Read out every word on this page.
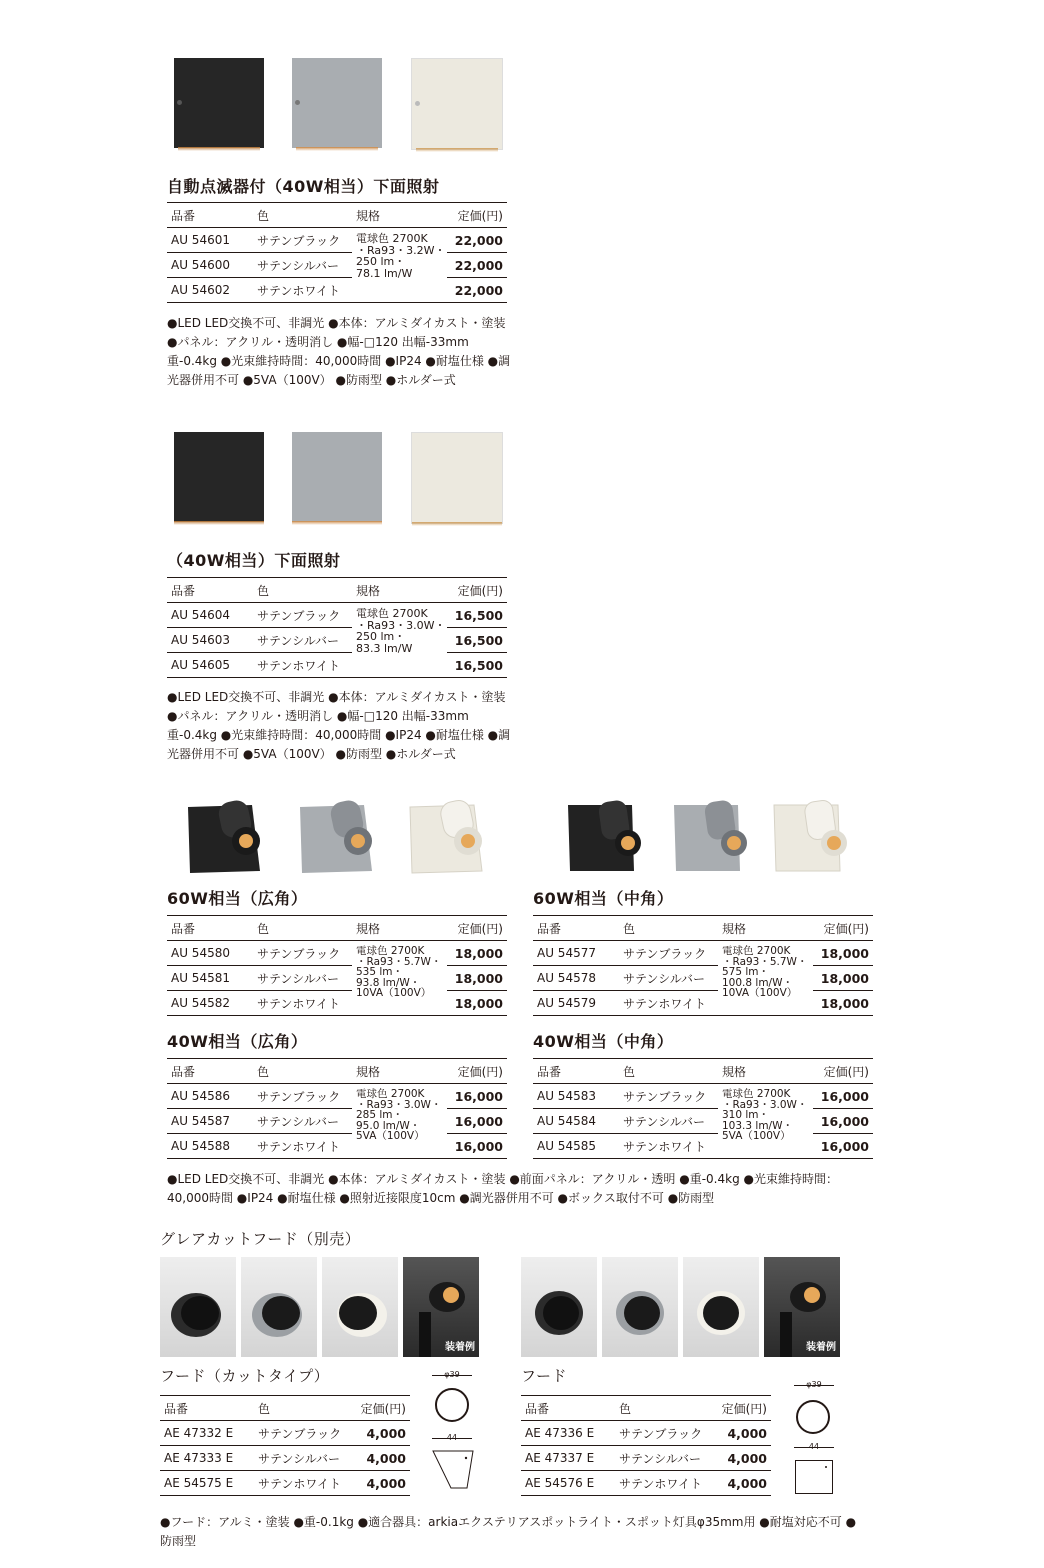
自動点滅器付（40W相当）下面照射
品番	色	規格	定価(円)
AU 54601	サテンブラック	電球色 2700K
・Ra93・3.2W・
250 lm・
78.1 lm/W	22,000
AU 54600	サテンシルバー		22,000
AU 54602	サテンホワイト		22,000
●LED LED交換不可、非調光 ●本体：アルミダイカスト・塗装 ●パネル：アクリル・透明消し ●幅-□120 出幅-33mm 重-0.4kg ●光束維持時間：40,000時間 ●IP24 ●耐塩仕様 ●調光器併用不可 ●5VA（100V） ●防雨型 ●ホルダー式
（40W相当）下面照射
品番	色	規格	定価(円)
AU 54604	サテンブラック	電球色 2700K
・Ra93・3.0W・
250 lm・
83.3 lm/W	16,500
AU 54603	サテンシルバー		16,500
AU 54605	サテンホワイト		16,500
●LED LED交換不可、非調光 ●本体：アルミダイカスト・塗装 ●パネル：アクリル・透明消し ●幅-□120 出幅-33mm 重-0.4kg ●光束維持時間：40,000時間 ●IP24 ●耐塩仕様 ●調光器併用不可 ●5VA（100V） ●防雨型 ●ホルダー式
60W相当（広角）
品番	色	規格	定価(円)
AU 54580	サテンブラック	電球色 2700K
・Ra93・5.7W・
535 lm・
93.8 lm/W・
10VA（100V）	18,000
AU 54581	サテンシルバー		18,000
AU 54582	サテンホワイト		18,000
60W相当（中角）
品番	色	規格	定価(円)
AU 54577	サテンブラック	電球色 2700K
・Ra93・5.7W・
575 lm・
100.8 lm/W・
10VA（100V）	18,000
AU 54578	サテンシルバー		18,000
AU 54579	サテンホワイト		18,000
40W相当（広角）
品番	色	規格	定価(円)
AU 54586	サテンブラック	電球色 2700K
・Ra93・3.0W・
285 lm・
95.0 lm/W・
5VA（100V）	16,000
AU 54587	サテンシルバー		16,000
AU 54588	サテンホワイト		16,000
40W相当（中角）
品番	色	規格	定価(円)
AU 54583	サテンブラック	電球色 2700K
・Ra93・3.0W・
310 lm・
103.3 lm/W・
5VA（100V）	16,000
AU 54584	サテンシルバー		16,000
AU 54585	サテンホワイト		16,000
●LED LED交換不可、非調光 ●本体：アルミダイカスト・塗装 ●前面パネル：アクリル・透明 ●重-0.4kg ●光束維持時間：40,000時間 ●IP24 ●耐塩仕様 ●照射近接限度10cm ●調光器併用不可 ●ボックス取付不可 ●防雨型
グレアカットフード（別売）
装着例	装着例
フード（カットタイプ）
品番	色	定価(円)
AE 47332 E	サテンブラック	4,000
AE 47333 E	サテンシルバー	4,000
AE 54575 E	サテンホワイト	4,000
φ39
44
フード
品番	色	定価(円)
AE 47336 E	サテンブラック	4,000
AE 47337 E	サテンシルバー	4,000
AE 54576 E	サテンホワイト	4,000
φ39
44
●フード：アルミ・塗装 ●重-0.1kg ●適合器具：arkiaエクステリアスポットライト・スポット灯具φ35mm用 ●耐塩対応不可 ●防雨型
